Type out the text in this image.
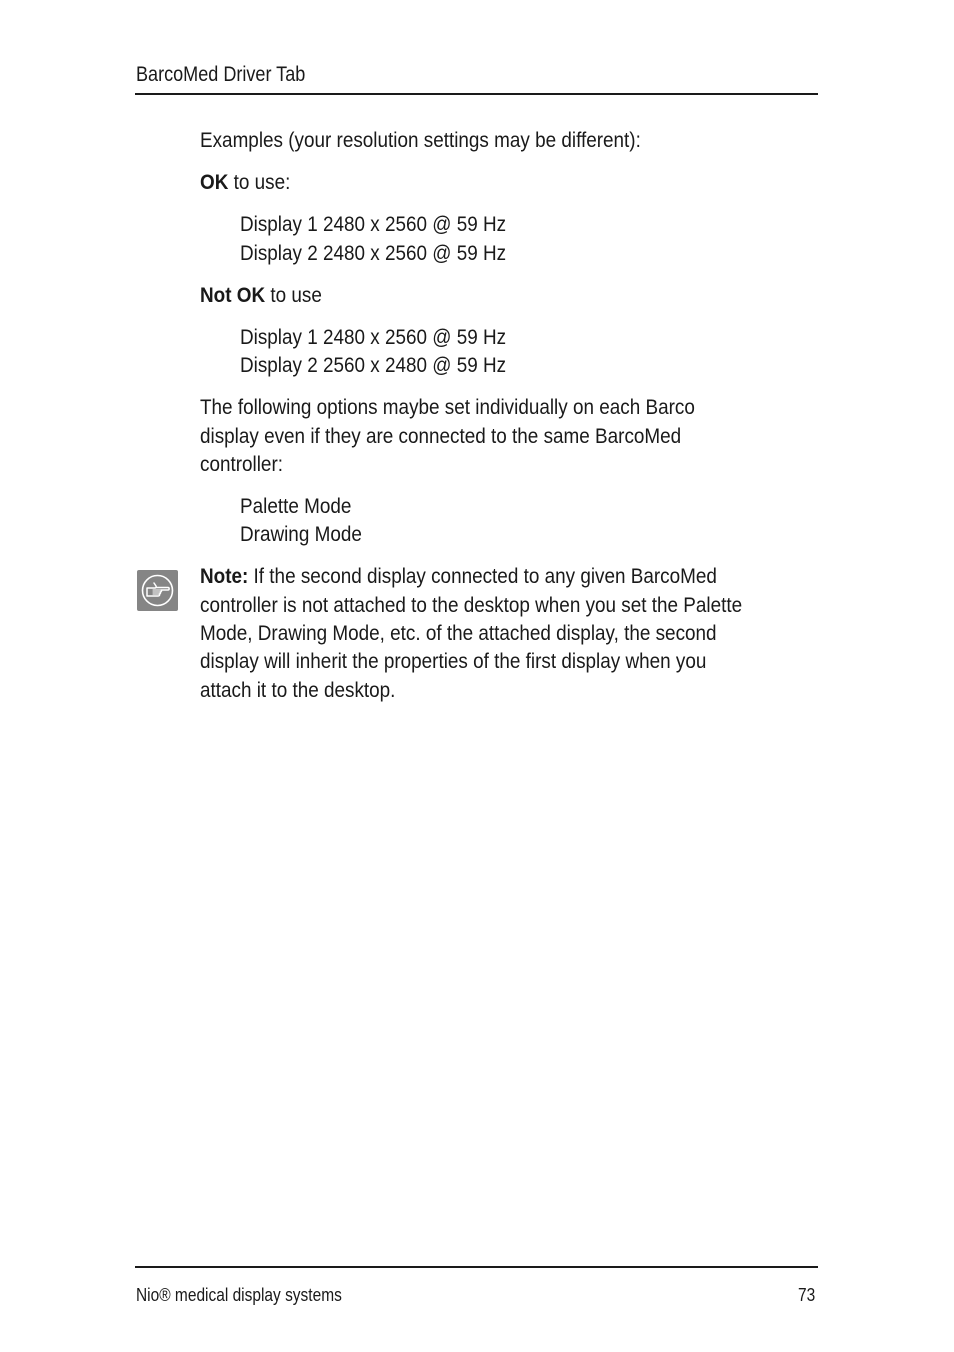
BarcoMed Driver Tab
Examples (your resolution settings may be different):
OK to use:
Display 1 2480 x 2560 @ 59 Hz
Display 2 2480 x 2560 @ 59 Hz
Not OK to use
Display 1 2480 x 2560 @ 59 Hz
Display 2 2560 x 2480 @ 59 Hz
The following options maybe set individually on each Barco
display even if they are connected to the same BarcoMed
controller:
Palette Mode
Drawing Mode
Note: If the second display connected to any given BarcoMed
controller is not attached to the desktop when you set the Palette
Mode, Drawing Mode, etc. of the attached display, the second
display will inherit the properties of the first display when you
attach it to the desktop.
Nio® medical display systems	73
